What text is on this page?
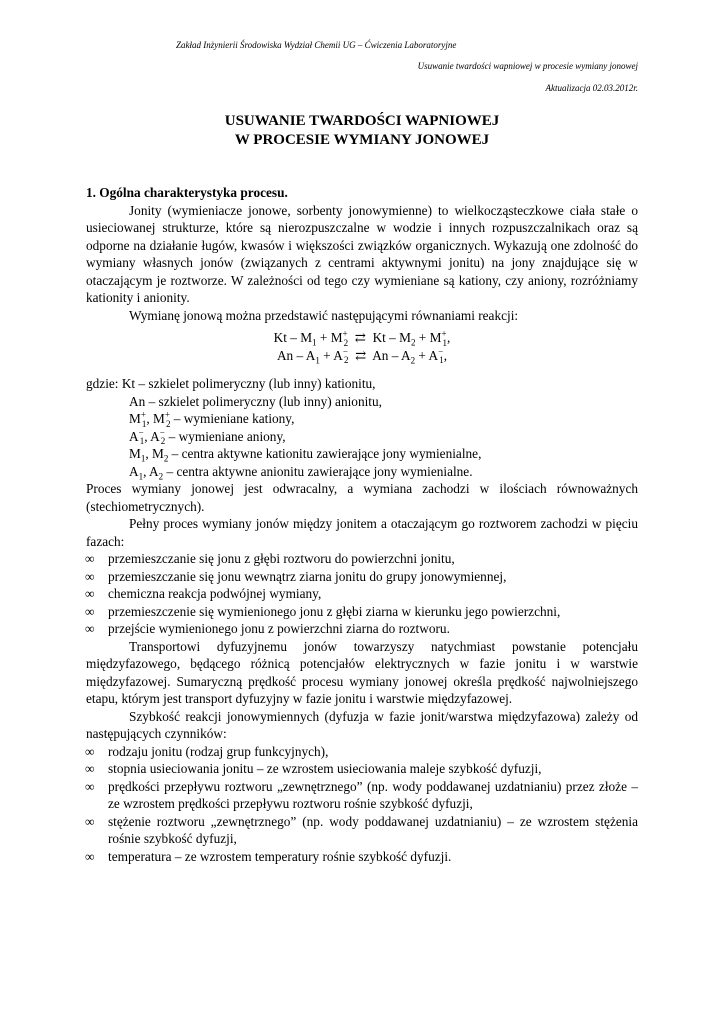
Zakład Inżynierii Środowiska Wydział Chemii UG – Ćwiczenia Laboratoryjne
Usuwanie twardości wapniowej w procesie wymiany jonowej
Aktualizacja 02.03.2012r.
USUWANIE TWARDOŚCI WAPNIOWEJ
W PROCESIE WYMIANY JONOWEJ
1. Ogólna charakterystyka procesu.

Jonity (wymieniacze jonowe, sorbenty jonowymienne) to wielkocząsteczkowe ciała stałe o usieciowanej strukturze, które są nierozpuszczalne w wodzie i innych rozpuszczalnikach oraz są odporne na działanie ługów, kwasów i większości związków organicznych. Wykazują one zdolność do wymiany własnych jonów (związanych z centrami aktywnymi jonitu) na jony znajdujące się w otaczającym je roztworze. W zależności od tego czy wymieniane są kationy, czy aniony, rozróżniamy kationity i anionity.

Wymianę jonową można przedstawić następującymi równaniami reakcji:

$Kt - M_1 + M^+_2$  ⇄  $Kt - M_2 + M^+_1$,
$An - A_1 + A^-_2$  ⇄  $An - A_2 + A^-_1$,
gdzie: Kt – szkielet polimeryczny (lub inny) kationitu,
An – szkielet polimeryczny (lub inny) anionitu,
$M^+_1$, $M^+_2$ – wymieniane kationy,
$A^-_1$, $A^-_2$ – wymieniane aniony,
$M_1$, $M_2$ – centra aktywne kationitu zawierające jony wymienialne,
$A_1$, $A_2$ – centra aktywne anionitu zawierające jony wymienialne.

Proces wymiany jonowej jest odwracalny, a wymiana zachodzi w ilościach równoważnych (stechiometrycznych).

Pełny proces wymiany jonów między jonitem a otaczającym go roztworem zachodzi w pięciu fazach:

∞ przemieszczanie się jonu z głębi roztworu do powierzchni jonitu,
∞ przemieszczanie się jonu wewnątrz ziarna jonitu do grupy jonowymiennej,
∞ chemiczna reakcja podwójnej wymiany,
∞ przemieszczenie się wymienionego jonu z głębi ziarna w kierunku jego powierzchni,
∞ przejście wymienionego jonu z powierzchni ziarna do roztworu.

Transportowi dyfuzyjnemu jonów towarzyszy natychmiast powstanie potencjału międzyfazowego, będącego różnicą potencjałów elektrycznych w fazie jonitu i w warstwie międzyfazowej. Sumaryczną prędkość procesu wymiany jonowej określa prędkość najwolniejszego etapu, którym jest transport dyfuzyjny w fazie jonitu i warstwie międzyfazowej.

Szybkość reakcji jonowymiennych (dyfuzja w fazie jonit/warstwa międzyfazowa) zależy od następujących czynników:

∞ rodzaju jonitu (rodzaj grup funkcyjnych),
∞ stopnia usieciowania jonitu – ze wzrostem usieciowania maleje szybkość dyfuzji,
∞ prędkości przepływu roztworu „zewnętrznego” (np. wody poddawanej uzdatnianiu) przez złoże – ze wzrostem prędkości przepływu roztworu rośnie szybkość dyfuzji,
∞ stężenie roztworu „zewnętrznego” (np. wody poddawanej uzdatnianiu) – ze wzrostem stężenia rośnie szybkość dyfuzji,
∞ temperatura – ze wzrostem temperatury rośnie szybkość dyfuzji.
